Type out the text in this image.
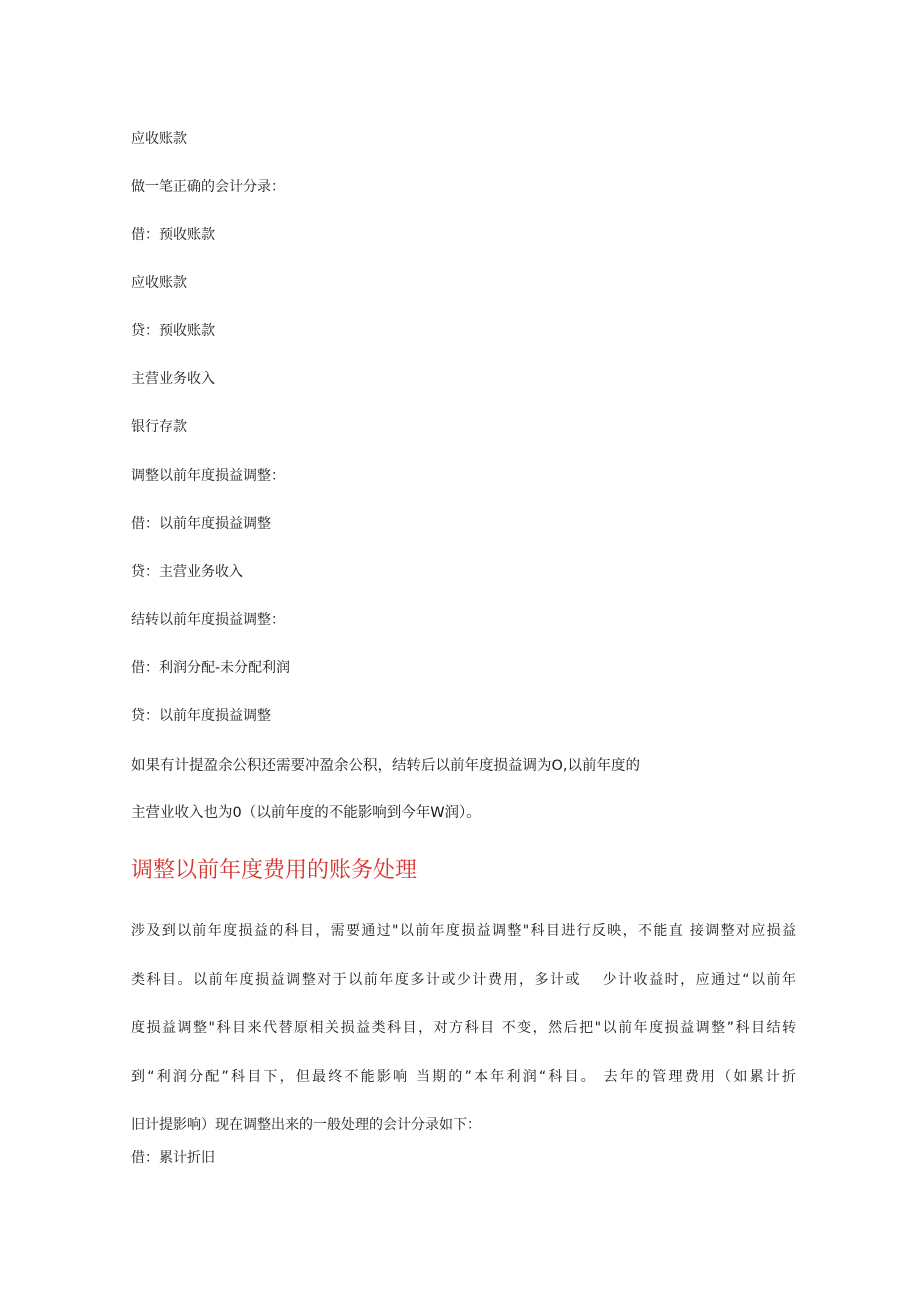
应收账款
做一笔正确的会计分录：
借：预收账款
应收账款
贷：预收账款
主营业务收入
银行存款
调整以前年度损益调整：
借：以前年度损益调整
贷：主营业务收入
结转以前年度损益调整：
借：利润分配-未分配利润
贷：以前年度损益调整
如果有计提盈余公积还需要冲盈余公积，结转后以前年度损益调为O,以前年度的
主营业收入也为0（以前年度的不能影响到今年W润）。
调整以前年度费用的账务处理
涉及到以前年度损益的科目，需要通过"以前年度损益调整"科目进行反映，不能直 接调整对应损益
类科目。以前年度损益调整对于以前年度多计或少计费用，多计或　 少计收益时，应通过“以前年
度损益调整"科目来代替原相关损益类科目，对方科目 不变，然后把"以前年度损益调整”科目结转
到“利润分配”科目下，但最终不能影响 当期的”本年利润“科目。 去年的管理费用（如累计折
旧计提影响）现在调整出来的一般处理的会计分录如下：
借：累计折旧
